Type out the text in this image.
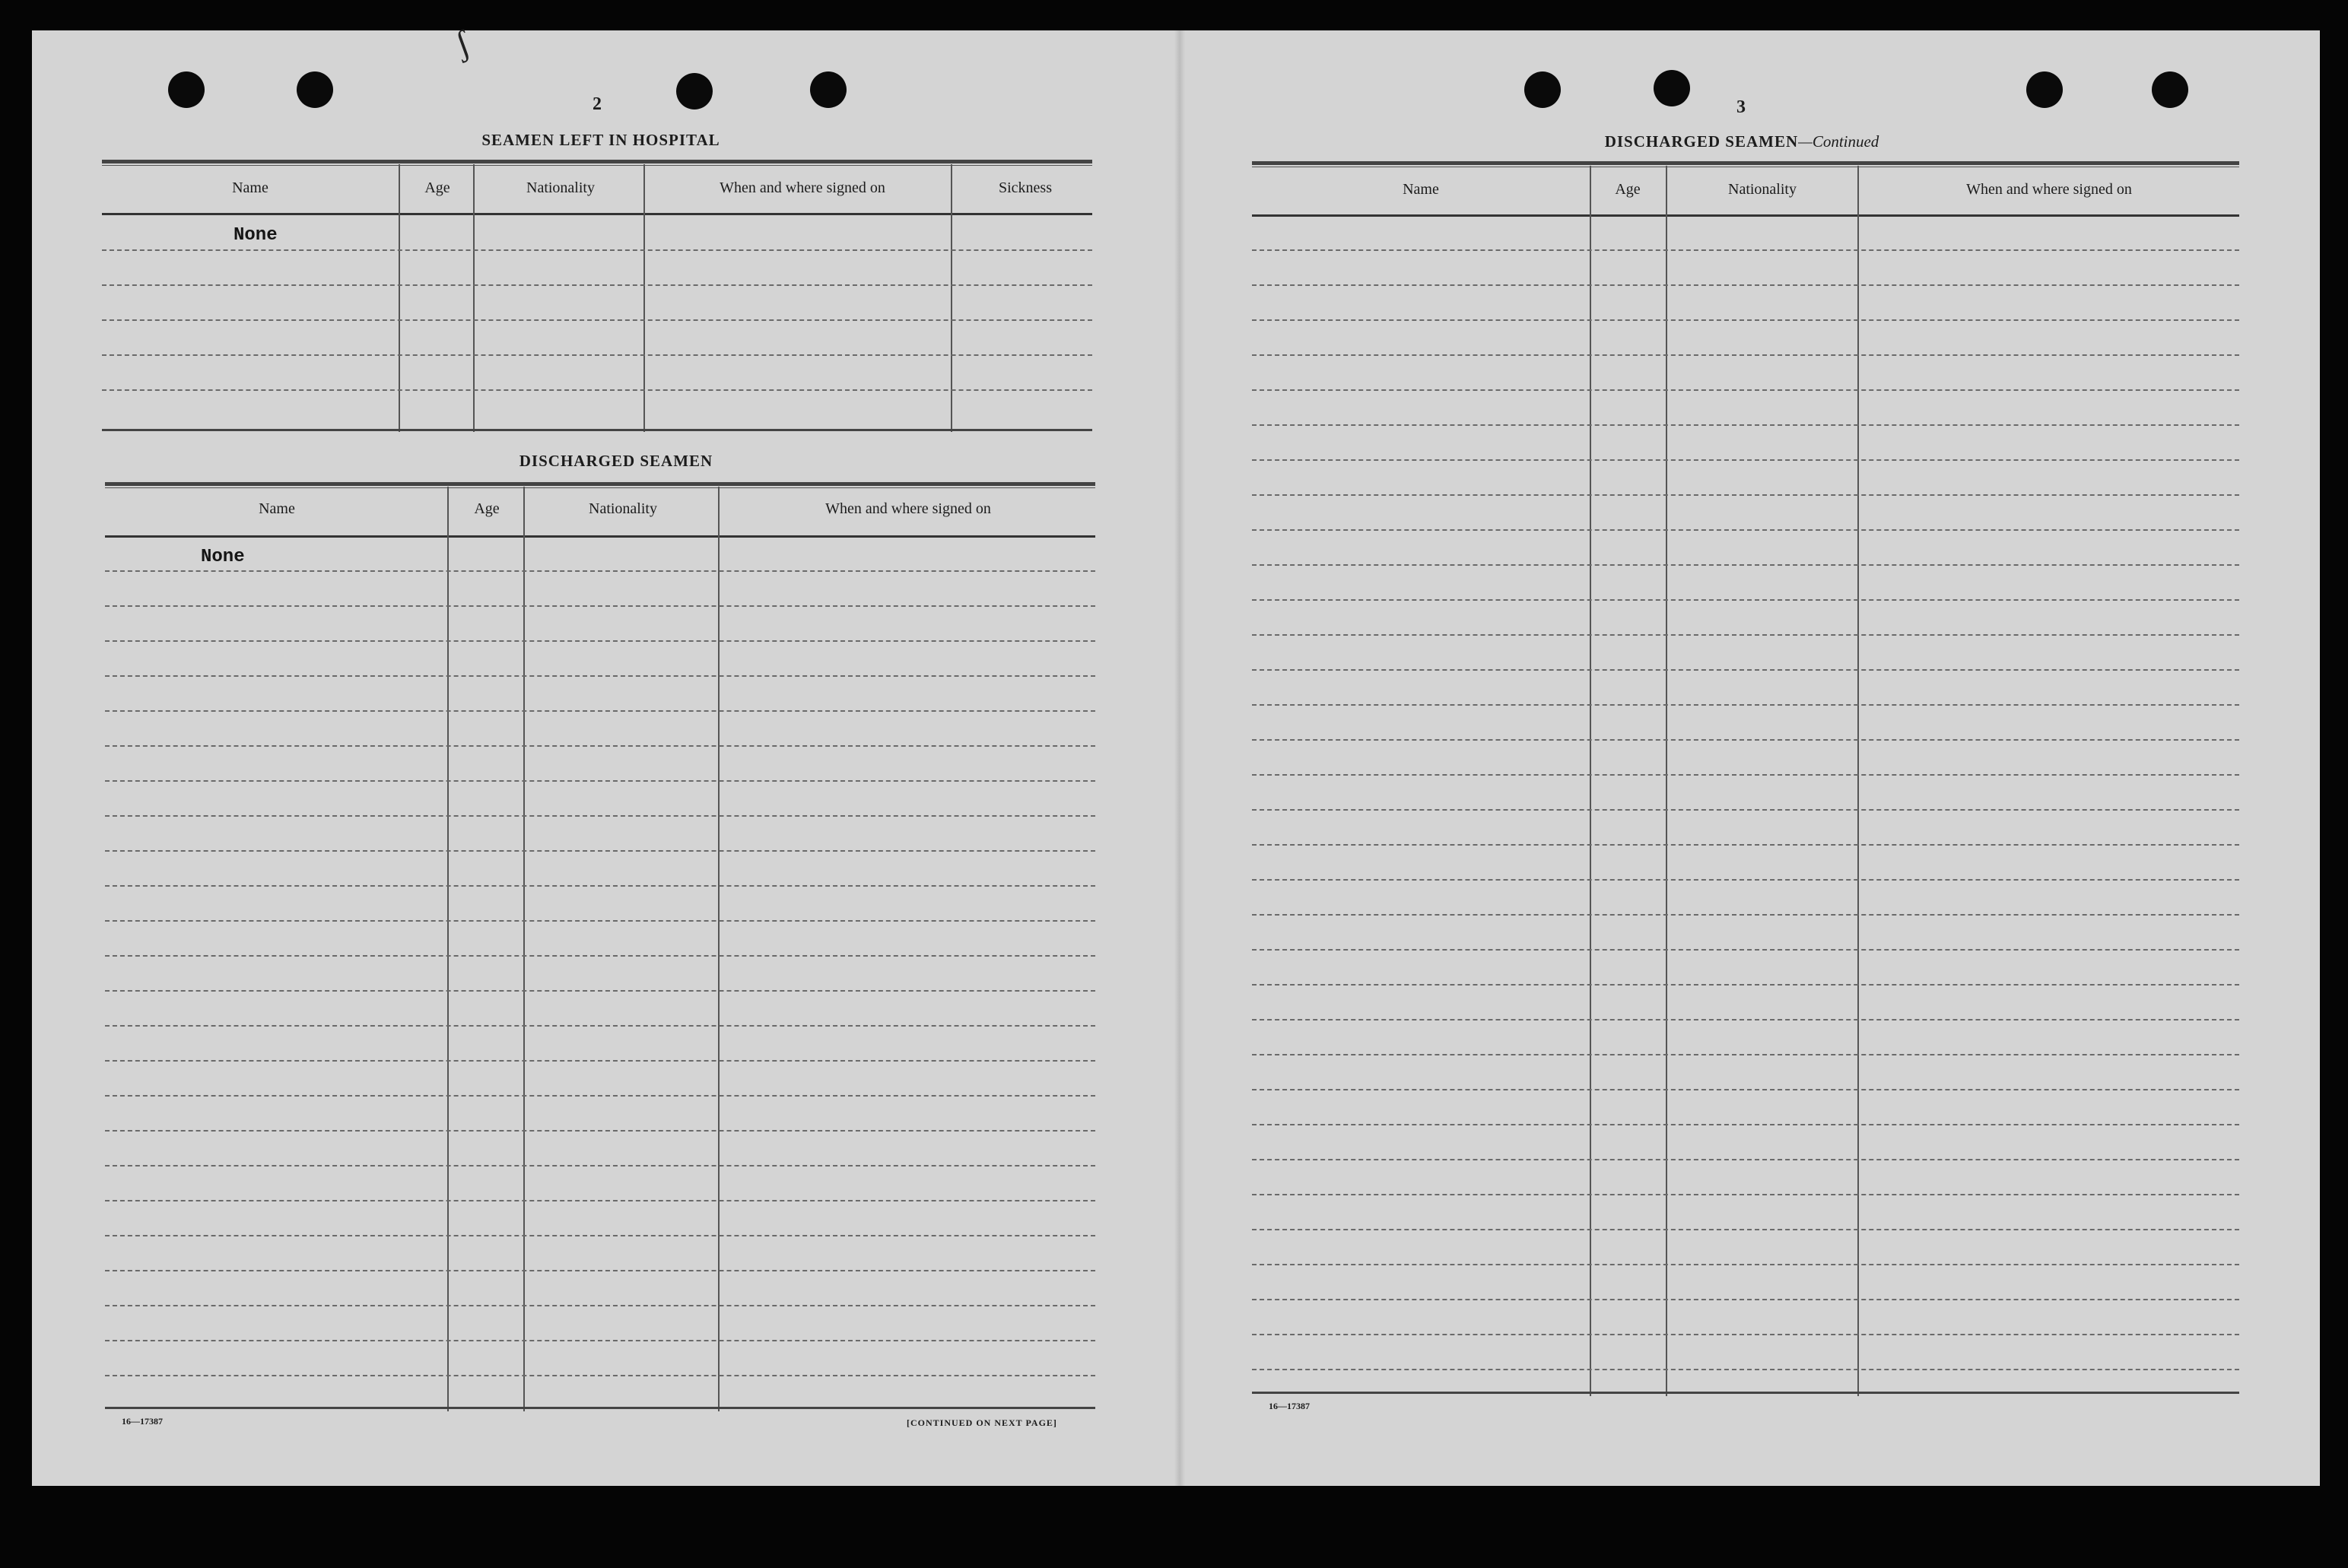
ʃ
2
SEAMEN LEFT IN HOSPITAL
Name	Age	Nationality	When and where signed on	Sickness
None
DISCHARGED SEAMEN
Name	Age	Nationality	When and where signed on
None
16—17387	[CONTINUED ON NEXT PAGE]
3
DISCHARGED SEAMEN—Continued
Name	Age	Nationality	When and where signed on
16—17387
